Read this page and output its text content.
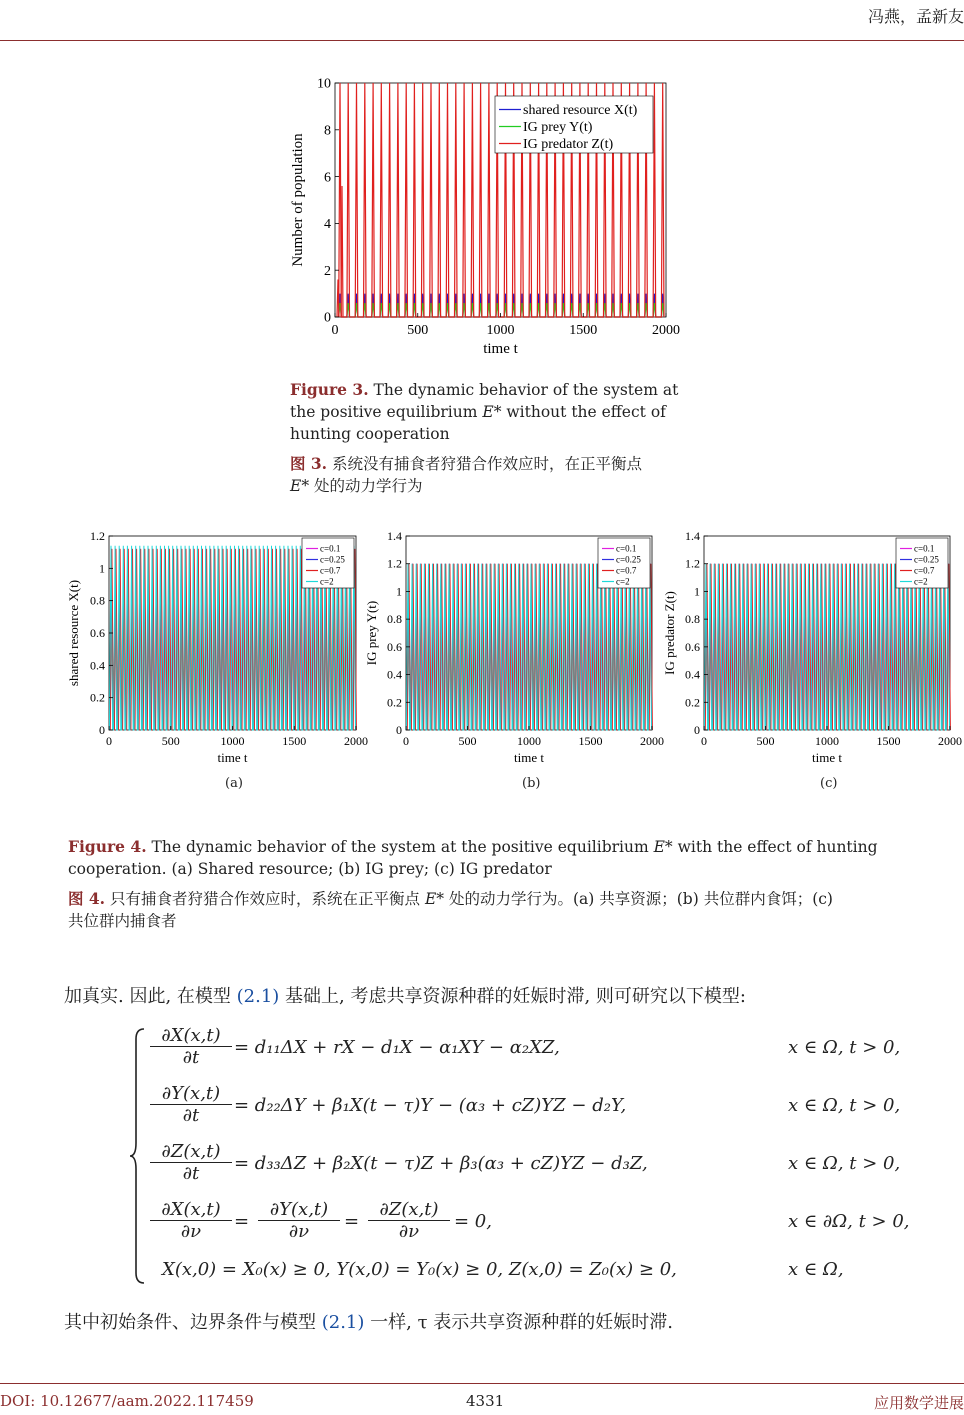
冯燕，孟新友
0	500	1000	1500	2000
0
2
4
6
8
10
time t
Number of population
shared resource X(t)
IG prey Y(t)
IG predator Z(t)
Figure 3. The dynamic behavior of the system at
the positive equilibrium E* without the effect of
hunting cooperation
图 3. 系统没有捕食者狩猎合作效应时，在正平衡点
E* 处的动力学行为
0	500	1000	1500	2000
0
0.2
0.4
0.6
0.8
1
1.2
time t
shared resource X(t)
c=0.1
c=0.25
c=0.7
c=2
0	500	1000	1500	2000
0
0.2
0.4
0.6
0.8
1
1.2
1.4
time t
IG prey Y(t)
c=0.1
c=0.25
c=0.7
c=2
0	500	1000	1500	2000
0
0.2
0.4
0.6
0.8
1
1.2
1.4
time t
IG predator Z(t)
c=0.1
c=0.25
c=0.7
c=2
(a)	(b)	(c)
Figure 4. The dynamic behavior of the system at the positive equilibrium E* with the effect of hunting
cooperation. (a) Shared resource; (b) IG prey; (c) IG predator
图 4. 只有捕食者狩猎合作效应时，系统在正平衡点 E* 处的动力学行为。(a) 共享资源；(b) 共位群内食饵；(c)
共位群内捕食者
加真实. 因此, 在模型 (2.1) 基础上, 考虑共享资源种群的妊娠时滞, 则可研究以下模型:
$\frac{\partial X(x,t)}{\partial t} = d_{11}\Delta X$ + rX − d₁X − α₁XY − α₂XZ,	x ∈ Ω, t > 0,
$\frac{\partial Y(x,t)}{\partial t} = d_{22}\Delta Y + \beta_1X(t - \tau)Y - (\alpha_3 + cZ)YZ - d_2Y$,	x ∈ Ω, t > 0,
$\frac{\partial Z(x,t)}{\partial t} = d_{33}\Delta Z + \beta_2X(t - \tau)Z + \beta_3(\alpha_3 + cZ)YZ - d_3Z$,	x ∈ Ω, t > 0,
$\frac{\partial X(x,t)}{\partial\nu} = \frac{\partial Y(x,t)}{\partial\nu} = \frac{\partial Z(x,t)}{\partial\nu} = 0$,	x ∈ ∂Ω, t > 0,
X(x,0) = X₀(x) ≥ 0, Y(x,0) = Y₀(x) ≥ 0, Z(x,0) = Z₀(x) ≥ 0,	x ∈ Ω,
其中初始条件、边界条件与模型 (2.1) 一样, τ 表示共享资源种群的妊娠时滞.
DOI: 10.12677/aam.2022.117459	4331	应用数学进展
